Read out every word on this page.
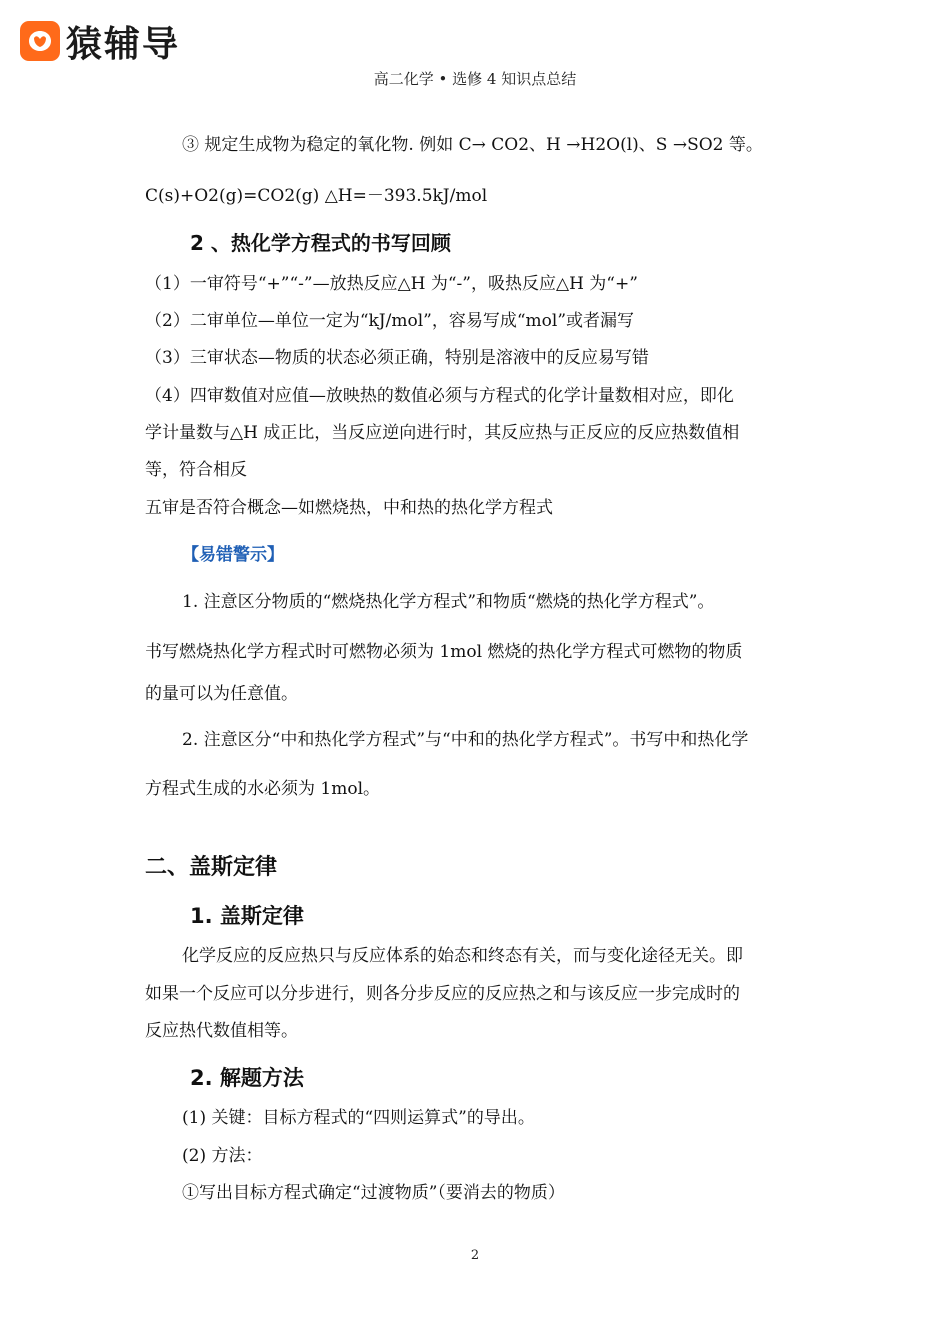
猿辅导
高二化学 • 选修 4 知识点总结
③ 规定生成物为稳定的氧化物. 例如 C→ CO2、H →H2O(l)、S →SO2 等。
C(s)+O2(g)=CO2(g) △H=－393.5kJ/mol
2 、热化学方程式的书写回顾
（1）一审符号“+”“-”—放热反应△H 为“-”，吸热反应△H 为“+”
（2）二审单位—单位一定为“kJ/mol”，容易写成“mol”或者漏写
（3）三审状态—物质的状态必须正确，特别是溶液中的反应易写错
（4）四审数值对应值—放映热的数值必须与方程式的化学计量数相对应，即化
学计量数与△H 成正比，当反应逆向进行时，其反应热与正反应的反应热数值相
等，符合相反
五审是否符合概念—如燃烧热，中和热的热化学方程式
【易错警示】
1. 注意区分物质的“燃烧热化学方程式”和物质“燃烧的热化学方程式”。
书写燃烧热化学方程式时可燃物必须为 1mol 燃烧的热化学方程式可燃物的物质
的量可以为任意值。
2. 注意区分“中和热化学方程式”与“中和的热化学方程式”。书写中和热化学
方程式生成的水必须为 1mol。
二、盖斯定律
1. 盖斯定律
化学反应的反应热只与反应体系的始态和终态有关，而与变化途径无关。即
如果一个反应可以分步进行，则各分步反应的反应热之和与该反应一步完成时的
反应热代数值相等。
2. 解题方法
(1) 关键：目标方程式的“四则运算式”的导出。
(2) 方法：
①写出目标方程式确定“过渡物质”（要消去的物质）
2
